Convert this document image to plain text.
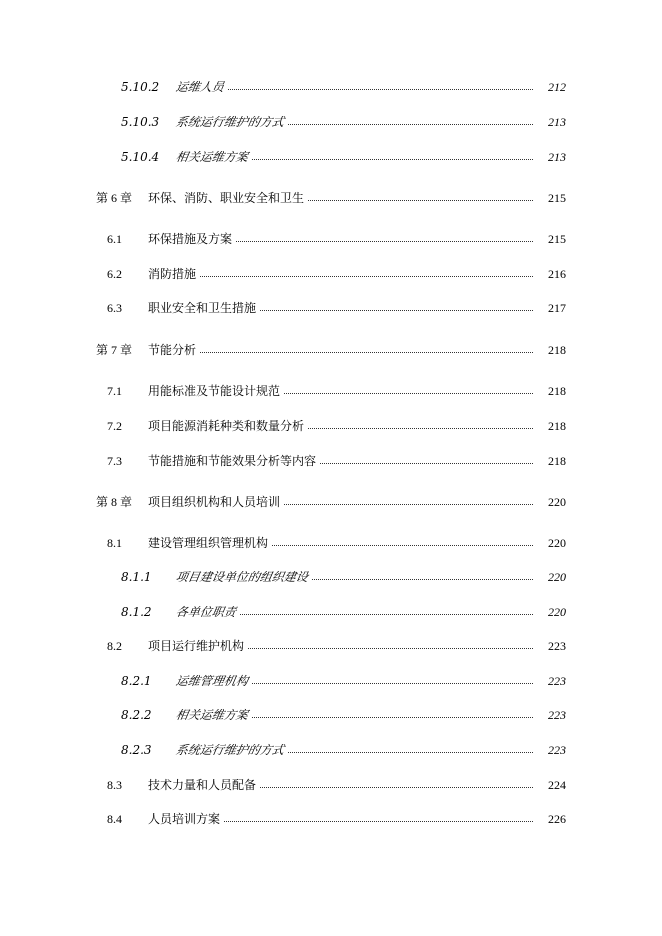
5.10.2 运维人员	212
5.10.3 系统运行维护的方式	213
5.10.4 相关运维方案	213
第 6 章 环保、消防、职业安全和卫生	215
6.1 环保措施及方案	215
6.2 消防措施	216
6.3 职业安全和卫生措施	217
第 7 章 节能分析	218
7.1 用能标准及节能设计规范	218
7.2 项目能源消耗种类和数量分析	218
7.3 节能措施和节能效果分析等内容	218
第 8 章 项目组织机构和人员培训	220
8.1 建设管理组织管理机构	220
8.1.1 项目建设单位的组织建设	220
8.1.2 各单位职责	220
8.2 项目运行维护机构	223
8.2.1 运维管理机构	223
8.2.2 相关运维方案	223
8.2.3 系统运行维护的方式	223
8.3 技术力量和人员配备	224
8.4 人员培训方案	226
